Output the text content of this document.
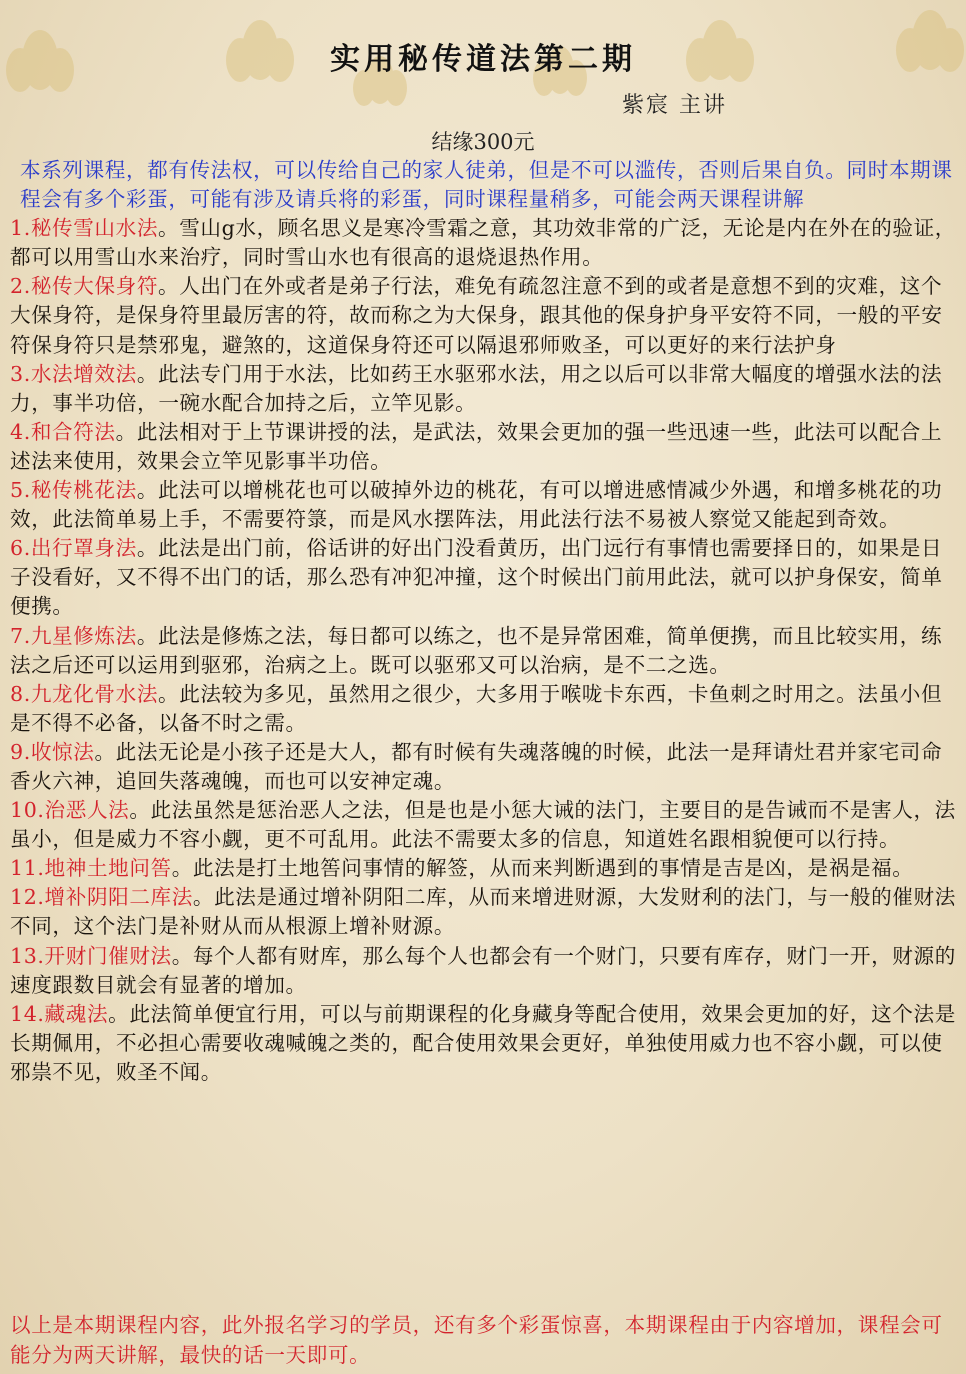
实用秘传道法第二期
紫宸 主讲
结缘300元

本系列课程，都有传法权，可以传给自己的家人徒弟，但是不可以滥传，否则后果自负。同时本期课程会有多个彩蛋，可能有涉及请兵将的彩蛋，同时课程量稍多，可能会两天课程讲解

1.秘传雪山水法。雪山g水，顾名思义是寒冷雪霜之意，其功效非常的广泛，无论是内在外在的验证，都可以用雪山水来治疗，同时雪山水也有很高的退烧退热作用。

2.秘传大保身符。人出门在外或者是弟子行法，难免有疏忽注意不到的或者是意想不到的灾难，这个大保身符，是保身符里最厉害的符，故而称之为大保身，跟其他的保身护身平安符不同，一般的平安符保身符只是禁邪鬼，避煞的，这道保身符还可以隔退邪师败圣，可以更好的来行法护身

3.水法增效法。此法专门用于水法，比如药王水驱邪水法，用之以后可以非常大幅度的增强水法的法力，事半功倍，一碗水配合加持之后，立竿见影。

4.和合符法。此法相对于上节课讲授的法，是武法，效果会更加的强一些迅速一些，此法可以配合上述法来使用，效果会立竿见影事半功倍。

5.秘传桃花法。此法可以增桃花也可以破掉外边的桃花，有可以增进感情减少外遇，和增多桃花的功效，此法简单易上手，不需要符箓，而是风水摆阵法，用此法行法不易被人察觉又能起到奇效。

6.出行罩身法。此法是出门前，俗话讲的好出门没看黄历，出门远行有事情也需要择日的，如果是日子没看好，又不得不出门的话，那么恐有冲犯冲撞，这个时候出门前用此法，就可以护身保安，简单便携。

7.九星修炼法。此法是修炼之法，每日都可以练之，也不是异常困难，简单便携，而且比较实用，练法之后还可以运用到驱邪，治病之上。既可以驱邪又可以治病，是不二之选。

8.九龙化骨水法。此法较为多见，虽然用之很少，大多用于喉咙卡东西，卡鱼刺之时用之。法虽小但是不得不必备，以备不时之需。

9.收惊法。此法无论是小孩子还是大人，都有时候有失魂落魄的时候，此法一是拜请灶君并家宅司命香火六神，追回失落魂魄，而也可以安神定魂。

10.治恶人法。此法虽然是惩治恶人之法，但是也是小惩大诫的法门，主要目的是告诫而不是害人，法虽小，但是威力不容小觑，更不可乱用。此法不需要太多的信息，知道姓名跟相貌便可以行持。

11.地神土地问筶。此法是打土地筶问事情的解签，从而来判断遇到的事情是吉是凶，是祸是福。

12.增补阴阳二库法。此法是通过增补阴阳二库，从而来增进财源，大发财利的法门，与一般的催财法不同，这个法门是补财从而从根源上增补财源。

13.开财门催财法。每个人都有财库，那么每个人也都会有一个财门，只要有库存，财门一开，财源的速度跟数目就会有显著的增加。

14.藏魂法。此法简单便宜行用，可以与前期课程的化身藏身等配合使用，效果会更加的好，这个法是长期佩用，不必担心需要收魂喊魄之类的，配合使用效果会更好，单独使用威力也不容小觑，可以使邪祟不见，败圣不闻。

以上是本期课程内容，此外报名学习的学员，还有多个彩蛋惊喜，本期课程由于内容增加，课程会可能分为两天讲解，最快的话一天即可。
